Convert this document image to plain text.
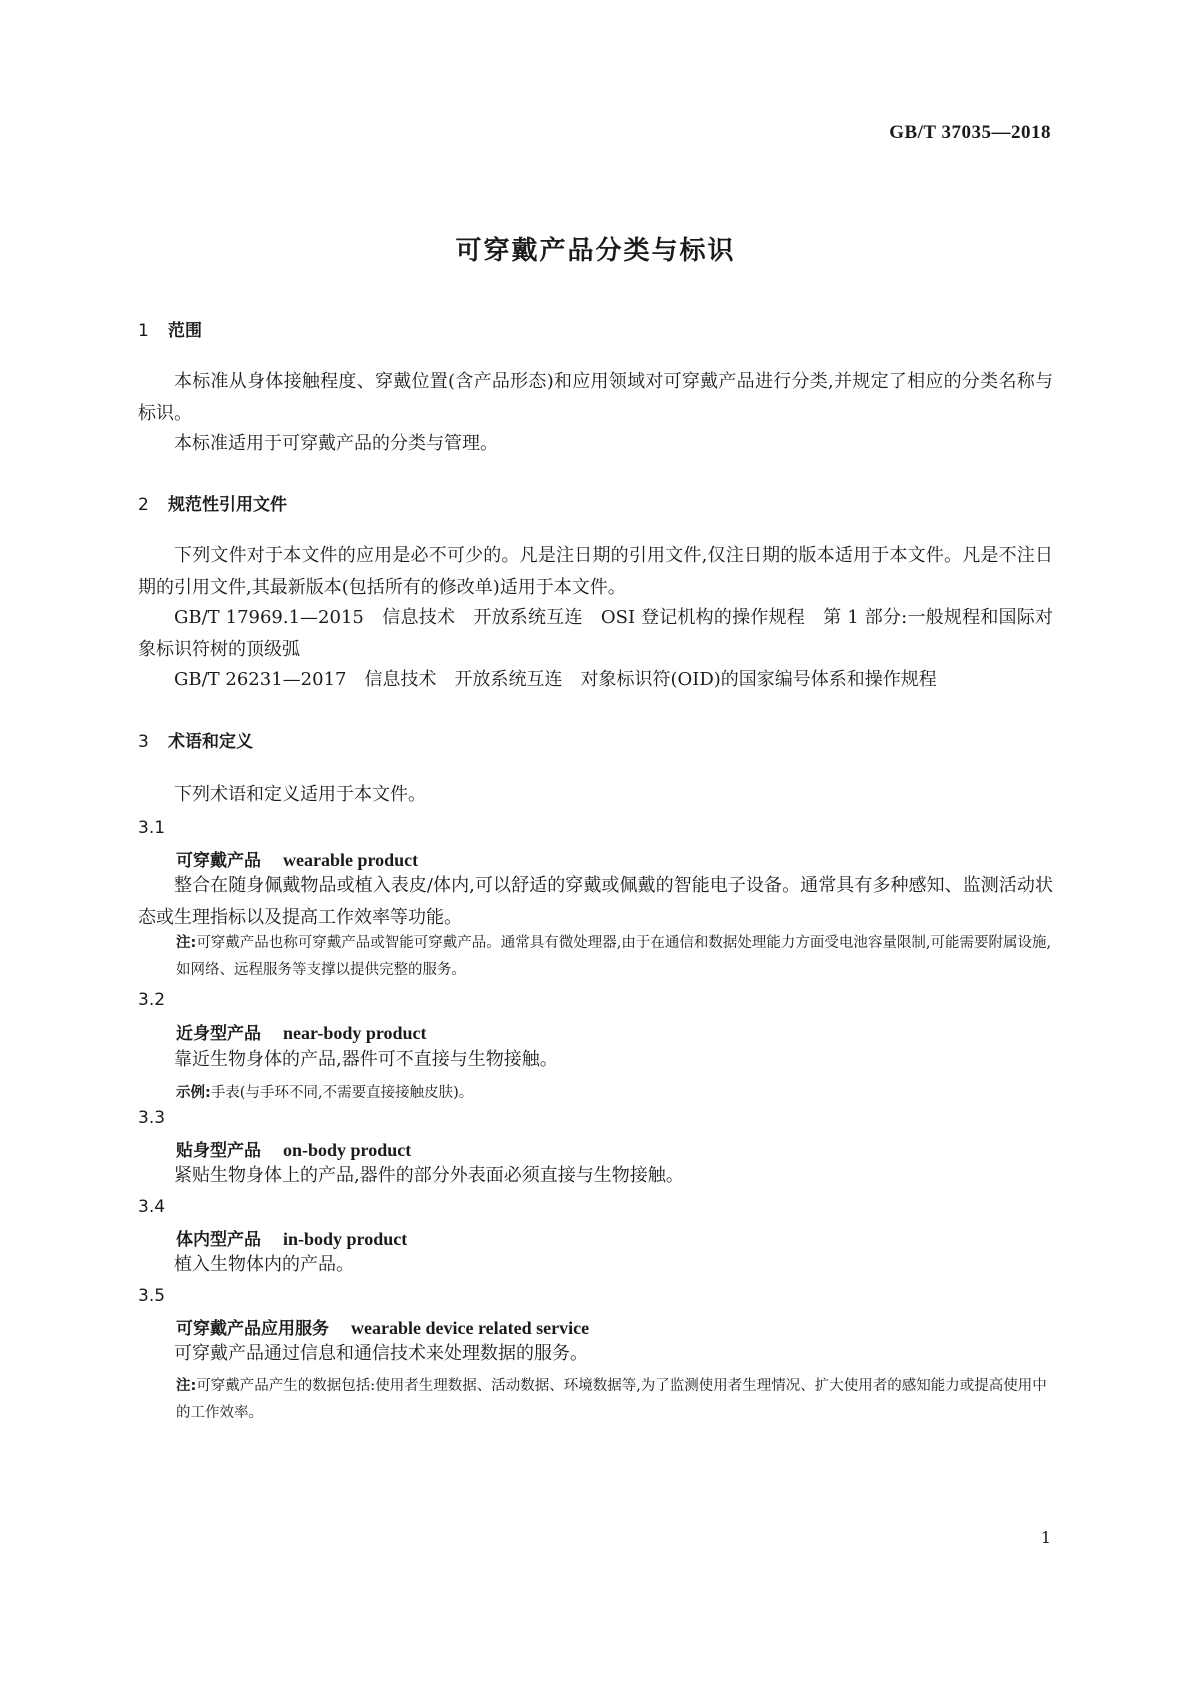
GB/T 37035—2018
可穿戴产品分类与标识
1 范围
本标准从身体接触程度、穿戴位置(含产品形态)和应用领域对可穿戴产品进行分类,并规定了相应的分类名称与标识。
本标准适用于可穿戴产品的分类与管理。
2 规范性引用文件
下列文件对于本文件的应用是必不可少的。凡是注日期的引用文件,仅注日期的版本适用于本文件。凡是不注日期的引用文件,其最新版本(包括所有的修改单)适用于本文件。
GB/T 17969.1—2015　信息技术　开放系统互连　OSI 登记机构的操作规程　第 1 部分:一般规程和国际对象标识符树的顶级弧
GB/T 26231—2017　信息技术　开放系统互连　对象标识符(OID)的国家编号体系和操作规程
3 术语和定义
下列术语和定义适用于本文件。
3.1
可穿戴产品 wearable product
整合在随身佩戴物品或植入表皮/体内,可以舒适的穿戴或佩戴的智能电子设备。通常具有多种感知、监测活动状态或生理指标以及提高工作效率等功能。
注:可穿戴产品也称可穿戴产品或智能可穿戴产品。通常具有微处理器,由于在通信和数据处理能力方面受电池容量限制,可能需要附属设施,如网络、远程服务等支撑以提供完整的服务。
3.2
近身型产品 near-body product
靠近生物身体的产品,器件可不直接与生物接触。
示例:手表(与手环不同,不需要直接接触皮肤)。
3.3
贴身型产品 on-body product
紧贴生物身体上的产品,器件的部分外表面必须直接与生物接触。
3.4
体内型产品 in-body product
植入生物体内的产品。
3.5
可穿戴产品应用服务 wearable device related service
可穿戴产品通过信息和通信技术来处理数据的服务。
注:可穿戴产品产生的数据包括:使用者生理数据、活动数据、环境数据等,为了监测使用者生理情况、扩大使用者的感知能力或提高使用中的工作效率。
1
